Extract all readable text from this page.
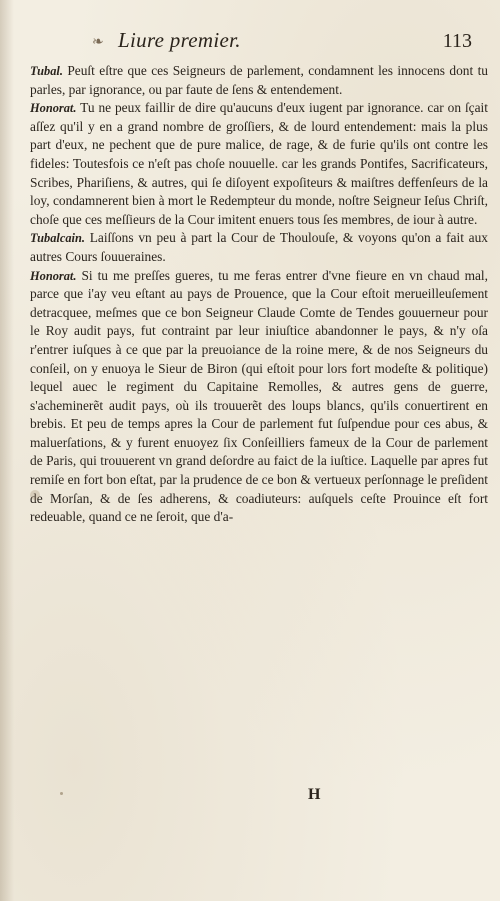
❧ Liure premier.	113

Tubal. Peuſt eſtre que ces Seigneurs de parlement, condamnent les innocens dont tu parles, par ignorance, ou par faute de ſens & entendement.

Honorat. Tu ne peux faillir de dire qu'aucuns d'eux iugent par ignorance. car on ſçait aſſez qu'il y en a grand nombre de groſſiers, & de lourd entendement: mais la plus part d'eux, ne pechent que de pure malice, de rage, & de furie qu'ils ont contre les fideles: Toutesfois ce n'eſt pas choſe nouuelle. car les grands Pontifes, Sacrificateurs, Scribes, Phariſiens, & autres, qui ſe diſoyent expoſiteurs & maiſtres deffenſeurs de la loy, condamnerent bien à mort le Redempteur du monde, noſtre Seigneur Ieſus Chriſt, choſe que ces meſſieurs de la Cour imitent enuers tous ſes membres, de iour à autre.

Tubalcain. Laiſſons vn peu à part la Cour de Thoulouſe, & voyons qu'on a fait aux autres Cours ſouueraines.

Honorat. Si tu me preſſes gueres, tu me feras entrer d'vne fieure en vn chaud mal, parce que i'ay veu eſtant au pays de Prouence, que la Cour eſtoit merueilleuſement detracquee, meſmes que ce bon Seigneur Claude Comte de Tendes gouuerneur pour le Roy audit pays, fut contraint par leur iniuſtice abandonner le pays, & n'y oſa r'entrer iuſques à ce que par la preuoiance de la roine mere, & de nos Seigneurs du conſeil, on y enuoya le Sieur de Biron (qui eſtoit pour lors fort modeſte & politique) lequel auec le regiment du Capitaine Remolles, & autres gens de guerre, s'acheminerẽt audit pays, où ils trouuerẽt des loups blancs, qu'ils conuertirent en brebis. Et peu de temps apres la Cour de parlement fut ſuſpendue pour ces abus, & maluerſations, & y furent enuoyez ſix Conſeilliers fameux de la Cour de parlement de Paris, qui trouuerent vn grand deſordre au faict de la iuſtice. Laquelle par apres fut remiſe en fort bon eſtat, par la prudence de ce bon & vertueux perſonnage le preſident de Morſan, & de ſes adherens, & coadiuteurs: auſquels ceſte Prouince eſt fort redeuable, quand ce ne ſeroit, que d'a-

H
